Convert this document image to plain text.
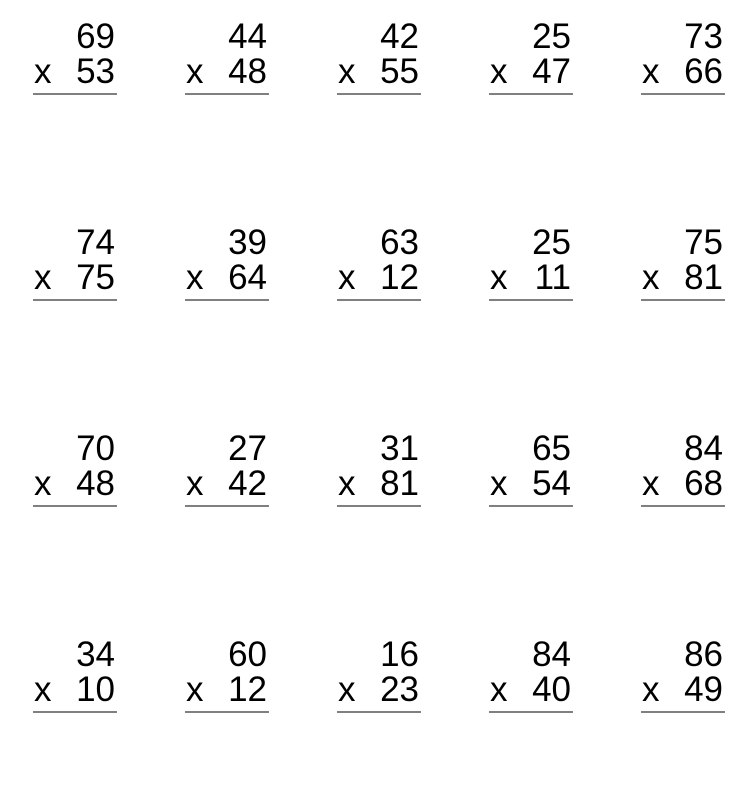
69
x 53
44
x 48
42
x 55
25
x 47
73
x 66
74
x 75
39
x 64
63
x 12
25
x 11
75
x 81
70
x 48
27
x 42
31
x 81
65
x 54
84
x 68
34
x 10
60
x 12
16
x 23
84
x 40
86
x 49
